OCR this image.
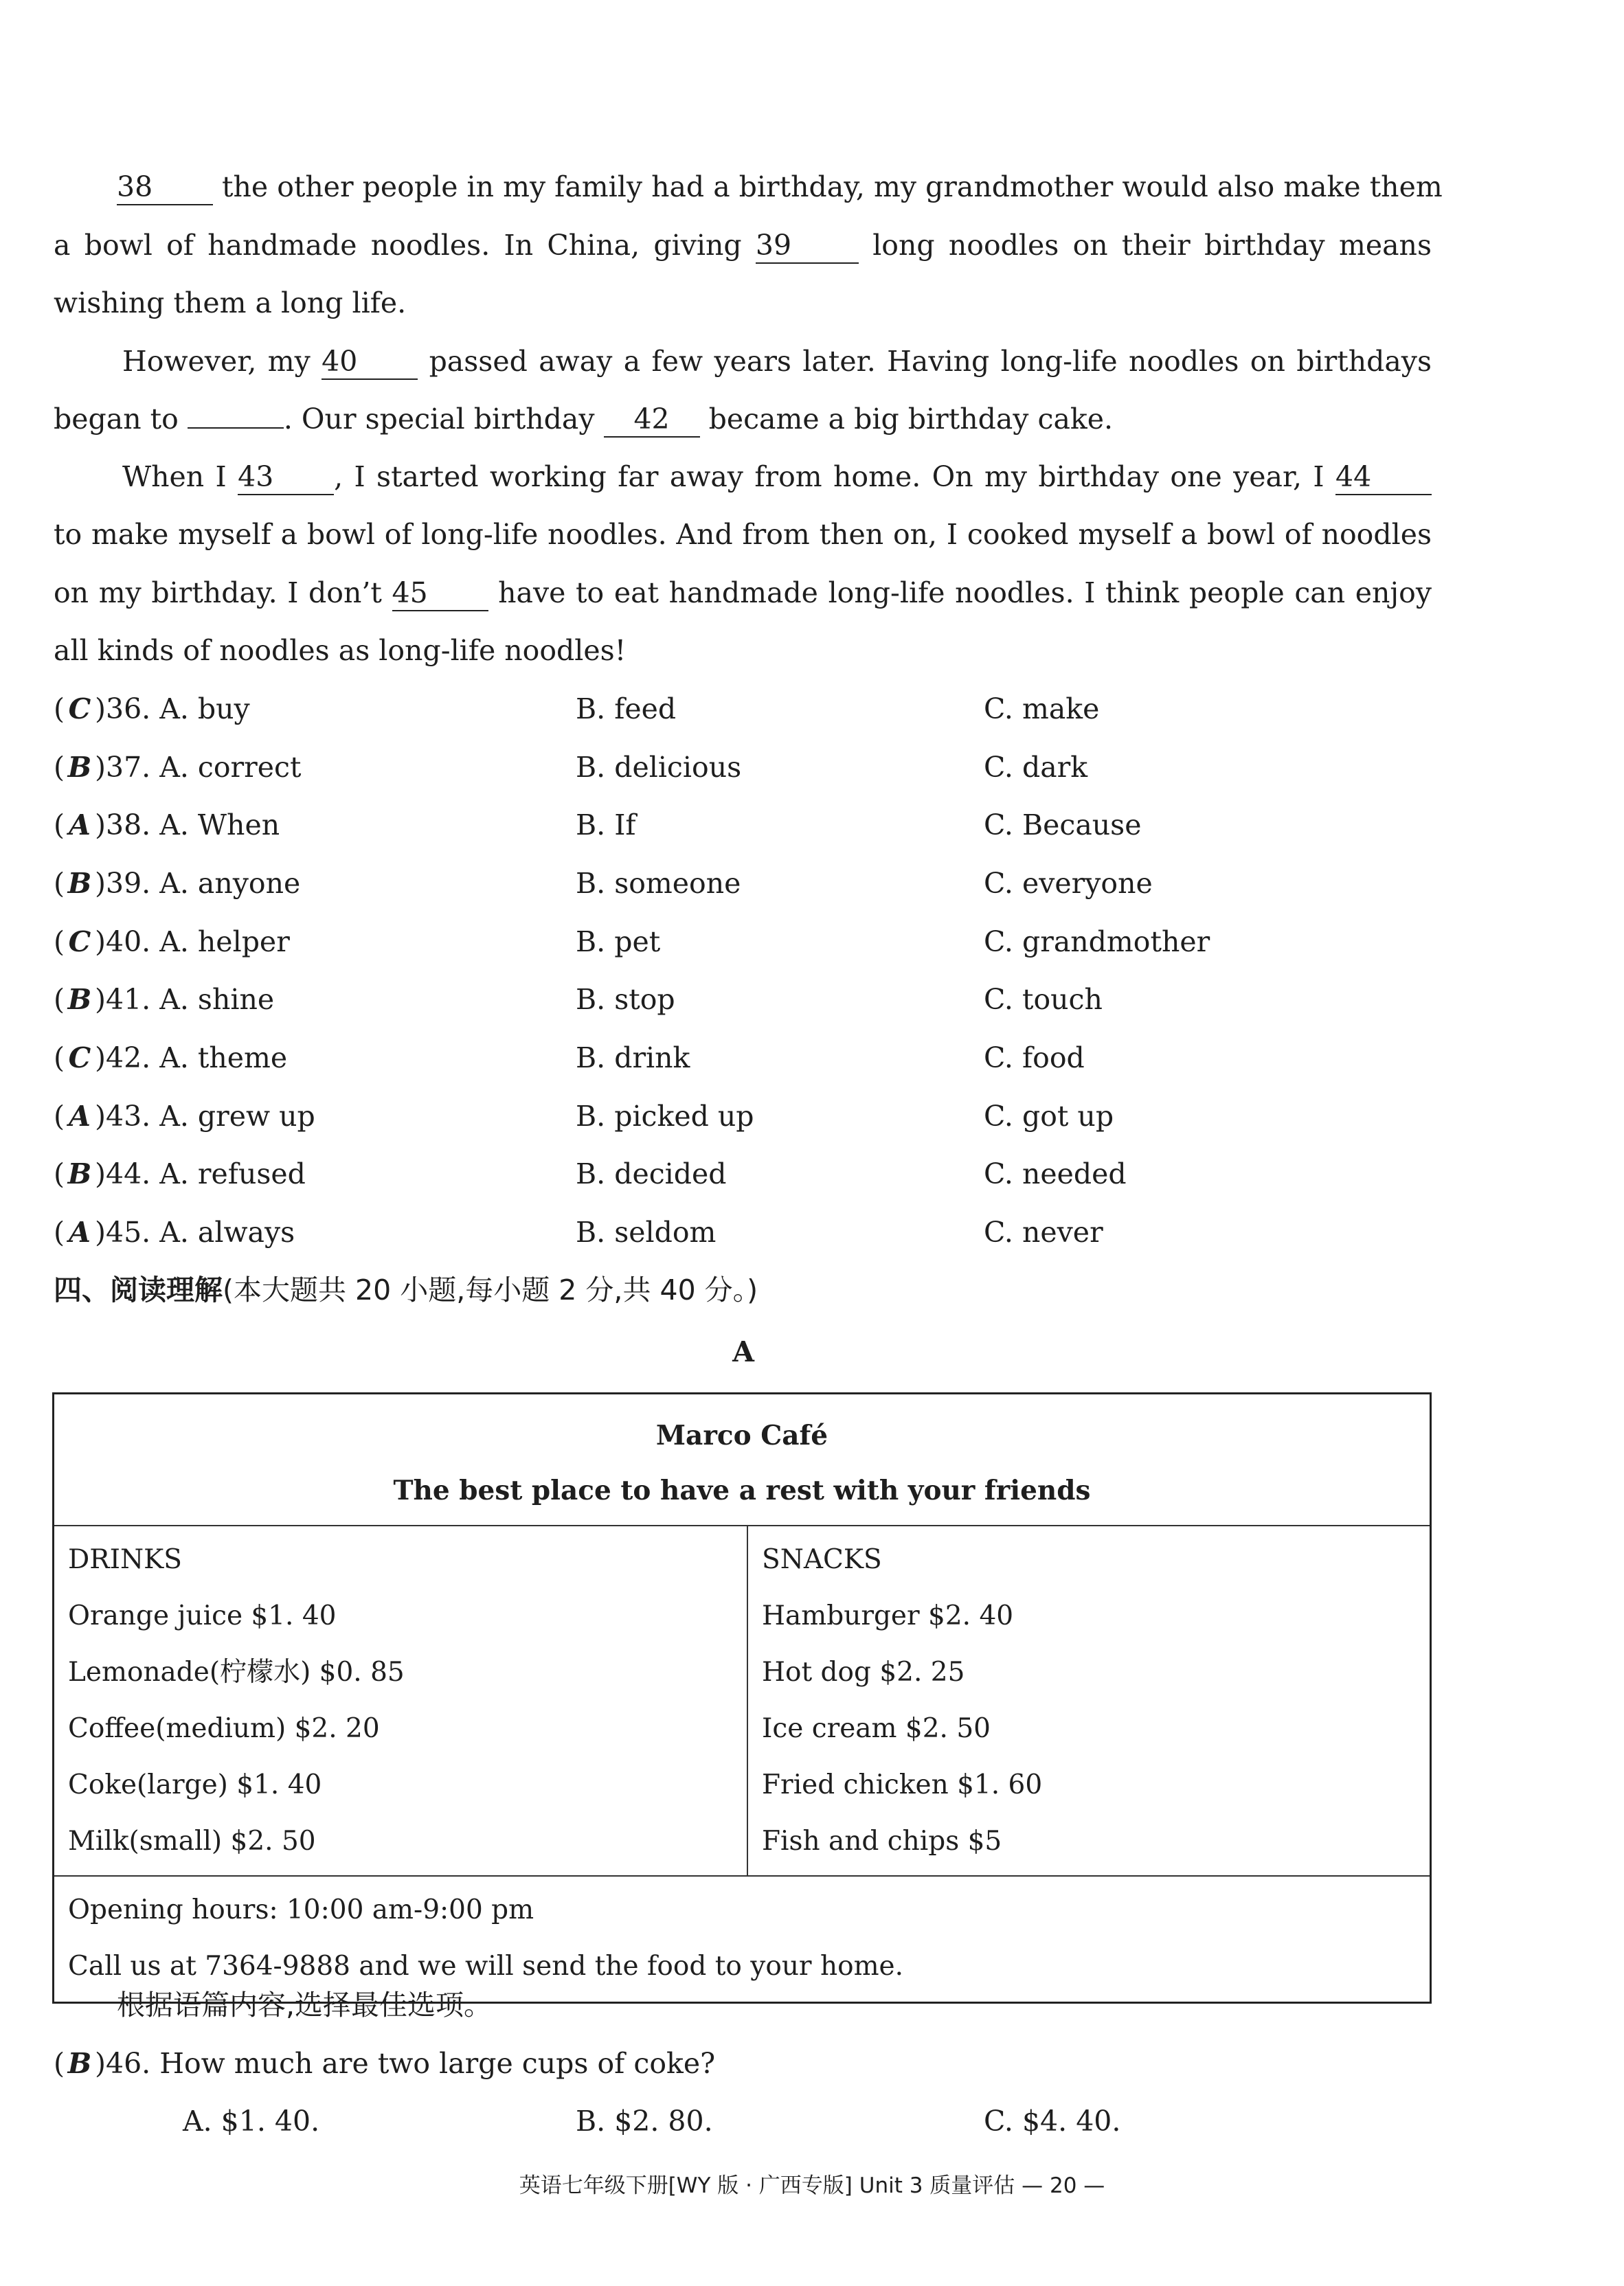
38 the other people in my family had a birthday, my grandmother would also make them
a bowl of handmade noodles. In China, giving 39	long noodles on their birthday means
wishing them a long life.
However, my 40	passed away a few years later. Having long-life noodles on birthdays
began to	. Our special birthday 42 became a big birthday cake.
When I 43 , I started working far away from home. On my birthday one year, I 44
to make myself a bowl of long-life noodles. And from then on, I cooked myself a bowl of noodles
on my birthday. I don’t 45 have to eat handmade long-life noodles. I think people can enjoy
all kinds of noodles as long-life noodles!
( C )36. A. buy	B. feed	C. make
( B )37. A. correct	B. delicious	C. dark
( A )38. A. When	B. If	C. Because
( B )39. A. anyone	B. someone	C. everyone
( C )40. A. helper	B. pet	C. grandmother
( B )41. A. shine	B. stop	C. touch
( C )42. A. theme	B. drink	C. food
( A )43. A. grew up	B. picked up	C. got up
( B )44. A. refused	B. decided	C. needed
( A )45. A. always	B. seldom	C. never
四、阅读理解(本大题共 20 小题,每小题 2 分,共 40 分。)
A
Marco Café
The best place to have a rest with your friends

DRINKS
Orange juice $1. 40
Lemonade(柠檬水) $0. 85
Coffee(medium) $2. 20
Coke(large) $1. 40
Milk(small) $2. 50

SNACKS
Hamburger $2. 40
Hot dog $2. 25
Ice cream $2. 50
Fried chicken $1. 60
Fish and chips $5

Opening hours: 10:00 am-9:00 pm
Call us at 7364-9888 and we will send the food to your home.
根据语篇内容,选择最佳选项。
( B )46. How much are two large cups of coke?
A. $1. 40.	B. $2. 80.	C. $4. 40.
英语七年级下册[WY 版 · 广西专版] Unit 3 质量评估 — 20 —
